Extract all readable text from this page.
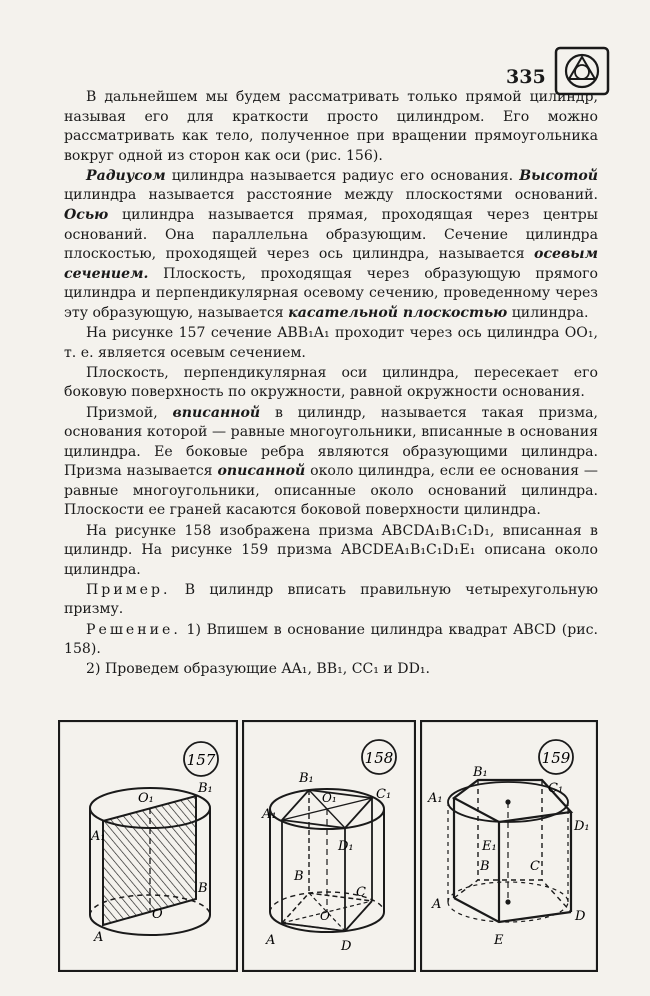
335

В дальнейшем мы будем рассматривать только прямой цилиндр, называя его для краткости просто цилиндром. Его можно рассматривать как тело, полученное при вращении прямоугольника вокруг одной из сторон как оси (рис. 156).

Радиусом цилиндра называется радиус его основания. Высотой цилиндра называется расстояние между плоскостями оснований. Осью цилиндра называется прямая, проходящая через центры оснований. Она параллельна образующим. Сечение цилиндра плоскостью, проходящей через ось цилиндра, называется осевым сечением. Плоскость, проходящая через образующую прямого цилиндра и перпендикулярная осевому сечению, проведенному через эту образующую, называется касательной плоскостью цилиндра.

На рисунке 157 сечение ABB₁A₁ проходит через ось цилиндра OO₁, т. е. является осевым сечением.

Плоскость, перпендикулярная оси цилиндра, пересекает его боковую поверхность по окружности, равной окружности основания.

Призмой, вписанной в цилиндр, называется такая призма, основания которой — равные многоугольники, вписанные в основания цилиндра. Ее боковые ребра являются образующими цилиндра. Призма называется описанной около цилиндра, если ее основания — равные многоугольники, описанные около оснований цилиндра. Плоскости ее граней касаются боковой поверхности цилиндра.

На рисунке 158 изображена призма ABCDA₁B₁C₁D₁, вписанная в цилиндр. На рисунке 159 призма ABCDEA₁B₁C₁D₁E₁ описана около цилиндра.

Пример. В цилиндр вписать правильную четырехугольную призму.

Решение. 1) Впишем в основание цилиндра квадрат ABCD (рис. 158).

2) Проведем образующие AA₁, BB₁, CC₁ и DD₁.

157
O₁
B₁
A₁
B
O
A
158
B₁
A₁
O₁	C₁
D₁
B
C
A
O
D
159
B₁
C₁
A₁
D₁
E₁
B	C
A
D
E
